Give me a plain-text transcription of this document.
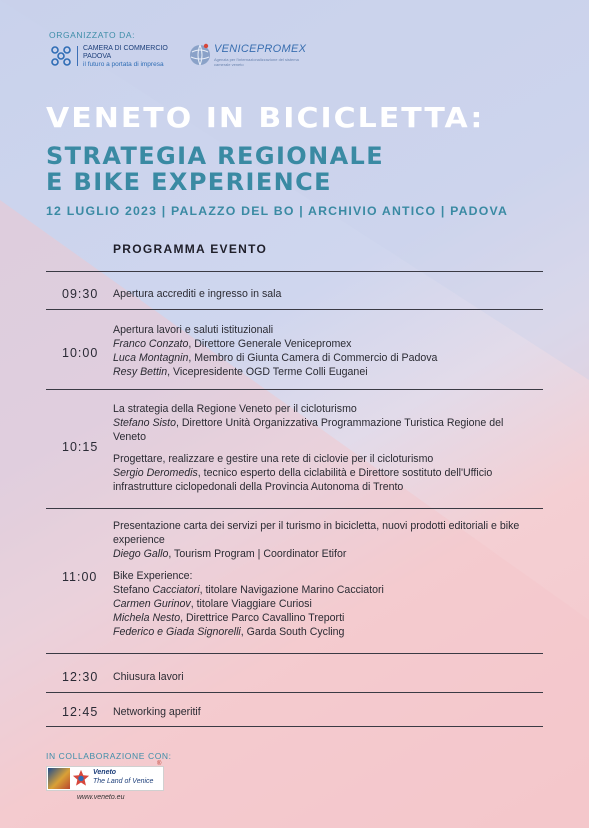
ORGANIZZATO DA:
CAMERA DI COMMERCIO
PADOVA
il futuro a portata di impresa
VENICEPROMEX
Agenzia per l'internazionalizzazione del sistema camerale veneto
VENETO IN BICICLETTA:
STRATEGIA REGIONALE
E BIKE EXPERIENCE
12 LUGLIO 2023 | PALAZZO DEL BO | ARCHIVIO ANTICO | PADOVA
PROGRAMMA EVENTO
09:30 Apertura accrediti e ingresso in sala
10:00
Apertura lavori e saluti istituzionali
Franco Conzato, Direttore Generale Venicepromex
Luca Montagnin, Membro di Giunta Camera di Commercio di Padova
Resy Bettin, Vicepresidente OGD Terme Colli Euganei
10:15
La strategia della Regione Veneto per il cicloturismo
Stefano Sisto, Direttore Unità Organizzativa Programmazione Turistica Regione del Veneto
Progettare, realizzare e gestire una rete di ciclovie per il cicloturismo
Sergio Deromedis, tecnico esperto della ciclabilità e Direttore sostituto dell'Ufficio infrastrutture ciclopedonali della Provincia Autonoma di Trento
11:00
Presentazione carta dei servizi per il turismo in bicicletta, nuovi prodotti editoriali e bike experience
Diego Gallo, Tourism Program | Coordinator Etifor
Bike Experience:
Stefano Cacciatori, titolare Navigazione Marino Cacciatori
Carmen Gurinov, titolare Viaggiare Curiosi
Michela Nesto, Direttrice Parco Cavallino Treporti
Federico e Giada Signorelli, Garda South Cycling
12:30 Chiusura lavori
12:45 Networking aperitif
IN COLLABORAZIONE CON:
Veneto
The Land of Venice
®
www.veneto.eu
